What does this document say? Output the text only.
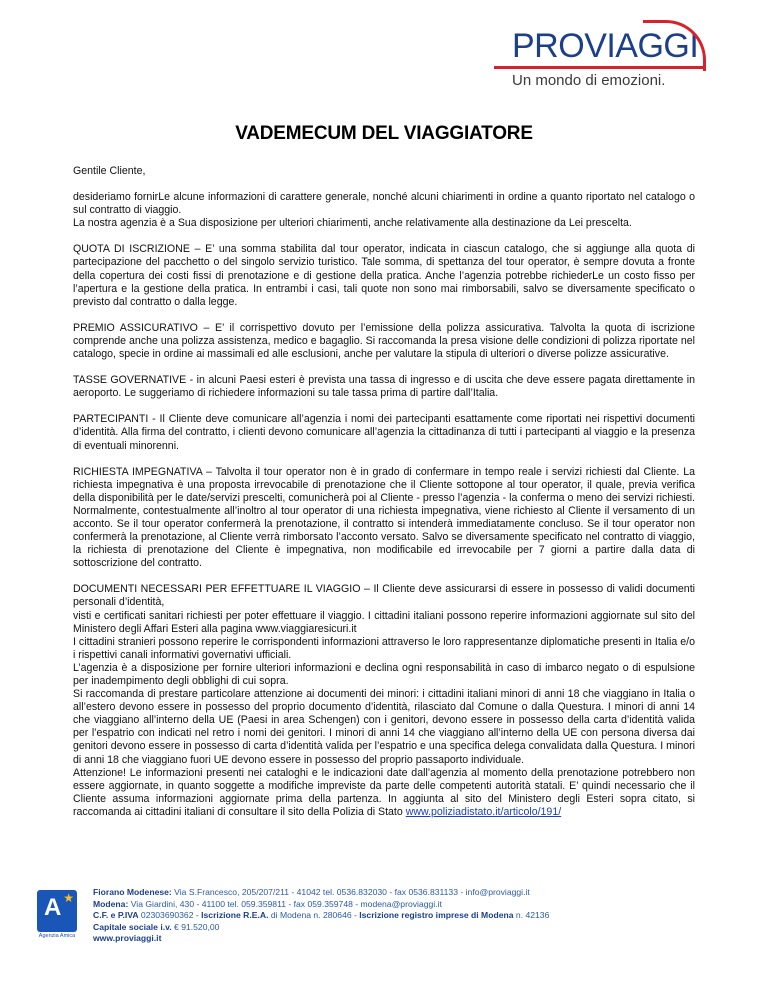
PROVIAGGI
Un mondo di emozioni.
VADEMECUM DEL VIAGGIATORE

Gentile Cliente,

desideriamo fornirLe alcune informazioni di carattere generale, nonché alcuni chiarimenti in ordine a quanto riportato nel catalogo o sul contratto di viaggio.
La nostra agenzia è a Sua disposizione per ulteriori chiarimenti, anche relativamente alla destinazione da Lei prescelta.

QUOTA DI ISCRIZIONE – E’ una somma stabilita dal tour operator, indicata in ciascun catalogo, che si aggiunge alla quota di partecipazione del pacchetto o del singolo servizio turistico. Tale somma, di spettanza del tour operator, è sempre dovuta a fronte della copertura dei costi fissi di prenotazione e di gestione della pratica. Anche l’agenzia potrebbe richiederLe un costo fisso per l’apertura e la gestione della pratica. In entrambi i casi, tali quote non sono mai rimborsabili, salvo se diversamente specificato o previsto dal contratto o dalla legge.

PREMIO ASSICURATIVO – E’ il corrispettivo dovuto per l’emissione della polizza assicurativa. Talvolta la quota di iscrizione comprende anche una polizza assistenza, medico e bagaglio. Si raccomanda la presa visione delle condizioni di polizza riportate nel catalogo, specie in ordine ai massimali ed alle esclusioni, anche per valutare la stipula di ulteriori o diverse polizze assicurative.

TASSE GOVERNATIVE - in alcuni Paesi esteri è prevista una tassa di ingresso e di uscita che deve essere pagata direttamente in aeroporto. Le suggeriamo di richiedere informazioni su tale tassa prima di partire dall’Italia.

PARTECIPANTI - Il Cliente deve comunicare all’agenzia i nomi dei partecipanti esattamente come riportati nei rispettivi documenti d’identità. Alla firma del contratto, i clienti devono comunicare all’agenzia la cittadinanza di tutti i partecipanti al viaggio e la presenza di eventuali minorenni.

RICHIESTA IMPEGNATIVA – Talvolta il tour operator non è in grado di confermare in tempo reale i servizi richiesti dal Cliente. La richiesta impegnativa è una proposta irrevocabile di prenotazione che il Cliente sottopone al tour operator, il quale, previa verifica della disponibilità per le date/servizi prescelti, comunicherà poi al Cliente - presso l’agenzia - la conferma o meno dei servizi richiesti. Normalmente, contestualmente all’inoltro al tour operator di una richiesta impegnativa, viene richiesto al Cliente il versamento di un acconto. Se il tour operator confermerà la prenotazione, il contratto si intenderà immediatamente concluso. Se il tour operator non confermerà la prenotazione, al Cliente verrà rimborsato l’acconto versato. Salvo se diversamente specificato nel contratto di viaggio, la richiesta di prenotazione del Cliente è impegnativa, non modificabile ed irrevocabile per 7 giorni a partire dalla data di sottoscrizione del contratto.

DOCUMENTI NECESSARI PER EFFETTUARE IL VIAGGIO – Il Cliente deve assicurarsi di essere in possesso di validi documenti personali d’identità,
visti e certificati sanitari richiesti per poter effettuare il viaggio. I cittadini italiani possono reperire informazioni aggiornate sul sito del Ministero degli Affari Esteri alla pagina www.viaggiaresicuri.it
I cittadini stranieri possono reperire le corrispondenti informazioni attraverso le loro rappresentanze diplomatiche presenti in Italia e/o i rispettivi canali informativi governativi ufficiali.
L’agenzia è a disposizione per fornire ulteriori informazioni e declina ogni responsabilità in caso di imbarco negato o di espulsione per inadempimento degli obblighi di cui sopra.
Si raccomanda di prestare particolare attenzione ai documenti dei minori: i cittadini italiani minori di anni 18 che viaggiano in Italia o all’estero devono essere in possesso del proprio documento d’identità, rilasciato dal Comune o dalla Questura. I minori di anni 14 che viaggiano all’interno della UE (Paesi in area Schengen) con i genitori, devono essere in possesso della carta d’identità valida per l’espatrio con indicati nel retro i nomi dei genitori. I minori di anni 14 che viaggiano all’interno della UE con persona diversa dai genitori devono essere in possesso di carta d’identità valida per l’espatrio e una specifica delega convalidata dalla Questura. I minori di anni 18 che viaggiano fuori UE devono essere in possesso del proprio passaporto individuale.
Attenzione! Le informazioni presenti nei cataloghi e le indicazioni date dall’agenzia al momento della prenotazione potrebbero non essere aggiornate, in quanto soggette a modifiche impreviste da parte delle competenti autorità statali. E’ quindi necessario che il Cliente assuma informazioni aggiornate prima della partenza. In aggiunta al sito del Ministero degli Esteri sopra citato, si raccomanda ai cittadini italiani di consultare il sito della Polizia di Stato www.poliziadistato.it/articolo/191/

A ★
Agenzia Amica
Fiorano Modenese: Via S.Francesco, 205/207/211 - 41042 tel. 0536.832030 - fax 0536.831133 - info@proviaggi.it
Modena: Via Giardini, 430 - 41100 tel. 059.359811 - fax 059.359748 - modena@proviaggi.it
C.F. e P.IVA 02303690362 - Iscrizione R.E.A. di Modena n. 280646 - Iscrizione registro imprese di Modena n. 42136
Capitale sociale i.v. € 91.520,00
www.proviaggi.it
